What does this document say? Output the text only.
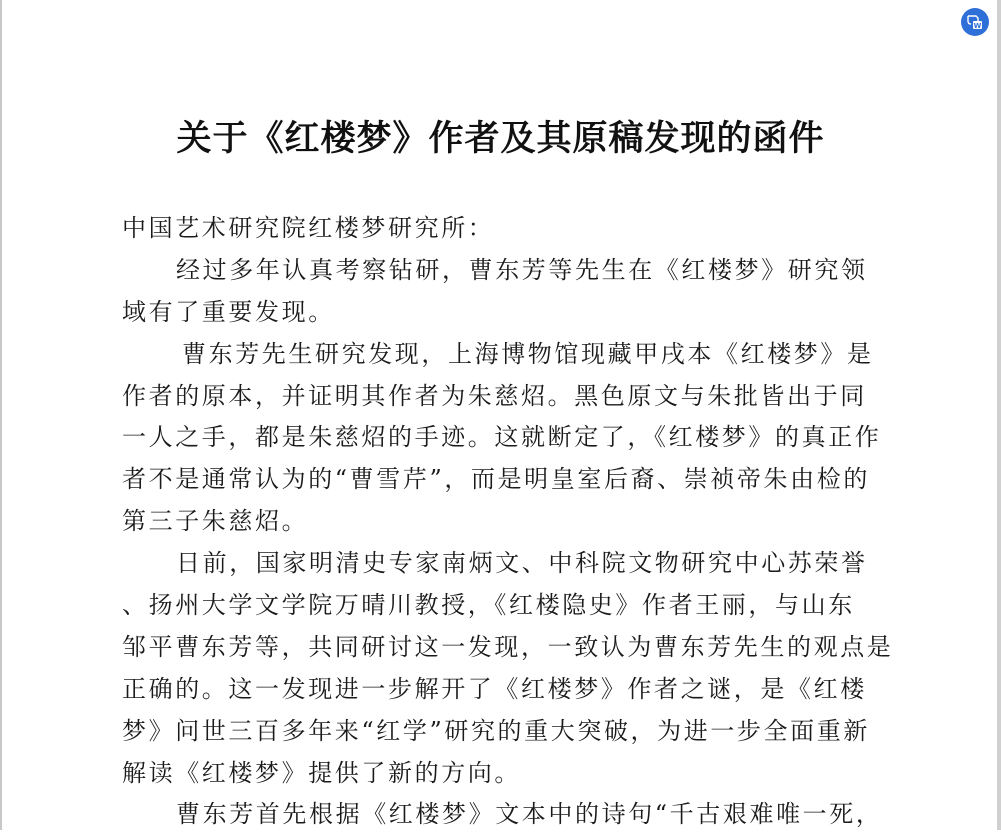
W
关于《红楼梦》作者及其原稿发现的函件
中国艺术研究院红楼梦研究所：
经过多年认真考察钻研，曹东芳等先生在《红楼梦》研究领
域有了重要发现。
曹东芳先生研究发现，上海博物馆现藏甲戌本《红楼梦》是
作者的原本，并证明其作者为朱慈炤。黑色原文与朱批皆出于同
一人之手，都是朱慈炤的手迹。这就断定了，《红楼梦》的真正作
者不是通常认为的“曹雪芹”，而是明皇室后裔、崇祯帝朱由检的
第三子朱慈炤。
日前，国家明清史专家南炳文、中科院文物研究中心苏荣誉
、扬州大学文学院万晴川教授，《红楼隐史》作者王丽，与山东
邹平曹东芳等，共同研讨这一发现，一致认为曹东芳先生的观点是
正确的。这一发现进一步解开了《红楼梦》作者之谜，是《红楼
梦》问世三百多年来“红学”研究的重大突破，为进一步全面重新
解读《红楼梦》提供了新的方向。
曹东芳首先根据《红楼梦》文本中的诗句“千古艰难唯一死，
